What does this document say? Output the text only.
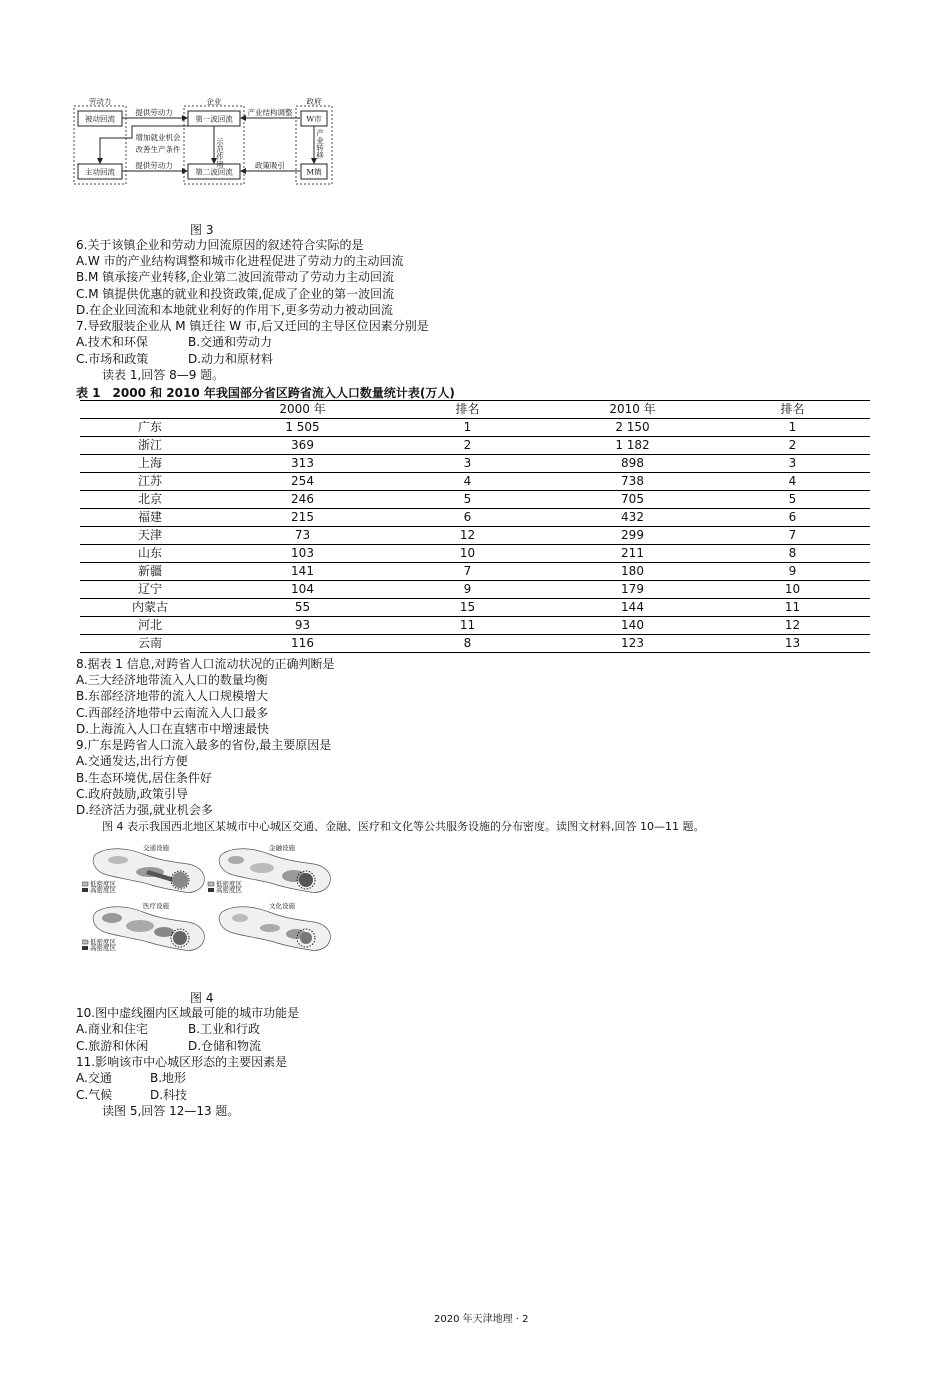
劳动力	企业	政府
被动回流
主动回流
第一波回流
第二波回流
W市
M镇
提供劳动力
增加就业机会
改善生产条件
提供劳动力	示范作用
产业结构调整
产业转移
政策吸引
图 3
6.关于该镇企业和劳动力回流原因的叙述符合实际的是
A.W 市的产业结构调整和城市化进程促进了劳动力的主动回流
B.M 镇承接产业转移,企业第二波回流带动了劳动力主动回流
C.M 镇提供优惠的就业和投资政策,促成了企业的第一波回流
D.在企业回流和本地就业利好的作用下,更多劳动力被动回流
7.导致服装企业从 M 镇迁往 W 市,后又迁回的主导区位因素分别是
A.技术和环保	B.交通和劳动力
C.市场和政策	D.动力和原材料
读表 1,回答 8—9 题。
表 1　2000 和 2010 年我国部分省区跨省流入人口数量统计表(万人)
	2000 年	排名	2010 年	排名
广东	1 505	1	2 150	1
浙江	369	2	1 182	2
上海	313	3	898	3
江苏	254	4	738	4
北京	246	5	705	5
福建	215	6	432	6
天津	73	12	299	7
山东	103	10	211	8
新疆	141	7	180	9
辽宁	104	9	179	10
内蒙古	55	15	144	11
河北	93	11	140	12
云南	116	8	123	13
8.据表 1 信息,对跨省人口流动状况的正确判断是
A.三大经济地带流入人口的数量均衡
B.东部经济地带的流入人口规模增大
C.西部经济地带中云南流入人口最多
D.上海流入人口在直辖市中增速最快
9.广东是跨省人口流入最多的省份,最主要原因是
A.交通发达,出行方便
B.生态环境优,居住条件好
C.政府鼓励,政策引导
D.经济活力强,就业机会多
图 4 表示我国西北地区某城市中心城区交通、金融、医疗和文化等公共服务设施的分布密度。读图文材料,回答 10—11 题。
交通设施	金融设施
医疗设施	文化设施
低密度区
高密度区
低密度区
高密度区
低密度区
高密度区
图 4
10.图中虚线圈内区域最可能的城市功能是
A.商业和住宅	B.工业和行政
C.旅游和休闲	D.仓储和物流
11.影响该市中心城区形态的主要因素是
A.交通	B.地形
C.气候	D.科技
读图 5,回答 12—13 题。
2020 年天津地理 · 2
